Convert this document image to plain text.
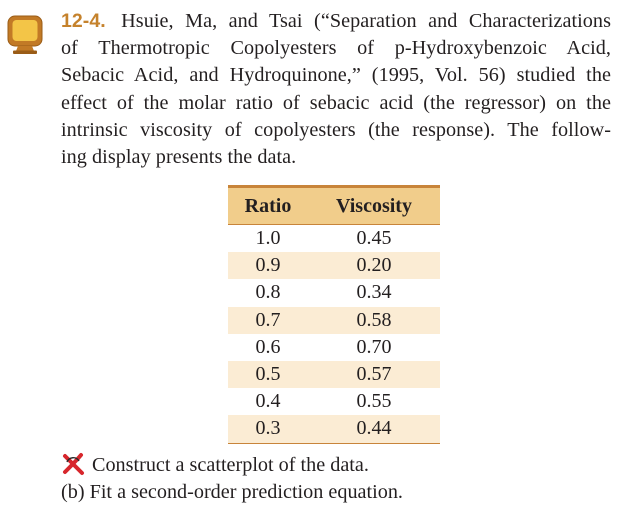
12-4. Hsuie, Ma, and Tsai (“Separation and Characterizations
of Thermotropic Copolyesters of p-Hydroxybenzoic Acid,
Sebacic Acid, and Hydroquinone,” (1995, Vol. 56) studied the
effect of the molar ratio of sebacic acid (the regressor) on the
intrinsic viscosity of copolyesters (the response). The follow-
ing display presents the data.
Ratio	Viscosity
1.0	0.45
0.9	0.20
0.8	0.34
0.7	0.58
0.6	0.70
0.5	0.57
0.4	0.55
0.3	0.44
Construct a scatterplot of the data.
(b) Fit a second-order prediction equation.
